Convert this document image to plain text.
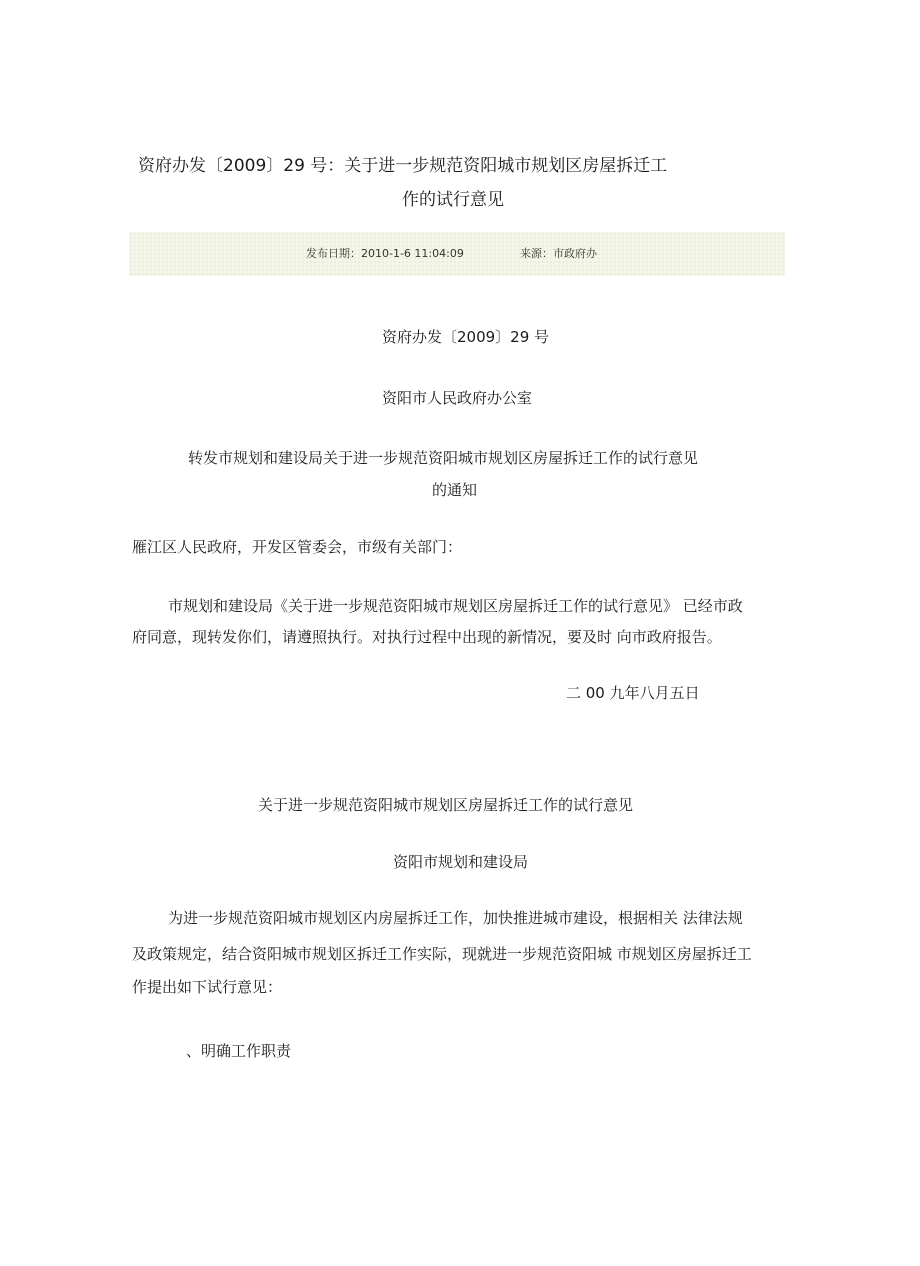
资府办发〔2009〕29 号：关于进一步规范资阳城市规划区房屋拆迁工
作的试行意见
发布日期：2010-1-6 11:04:09	来源：市政府办
资府办发〔2009〕29 号
资阳市人民政府办公室
转发市规划和建设局关于进一步规范资阳城市规划区房屋拆迁工作的试行意见
的通知
雁江区人民政府，开发区管委会，市级有关部门：
市规划和建设局《关于进一步规范资阳城市规划区房屋拆迁工作的试行意见》 已经市政
府同意，现转发你们，请遵照执行。对执行过程中出现的新情况，要及时 向市政府报告。
二 00 九年八月五日
关于进一步规范资阳城市规划区房屋拆迁工作的试行意见
资阳市规划和建设局
为进一步规范资阳城市规划区内房屋拆迁工作，加快推进城市建设，根据相关 法律法规
及政策规定，结合资阳城市规划区拆迁工作实际，现就进一步规范资阳城 市规划区房屋拆迁工
作提出如下试行意见：
、明确工作职责
